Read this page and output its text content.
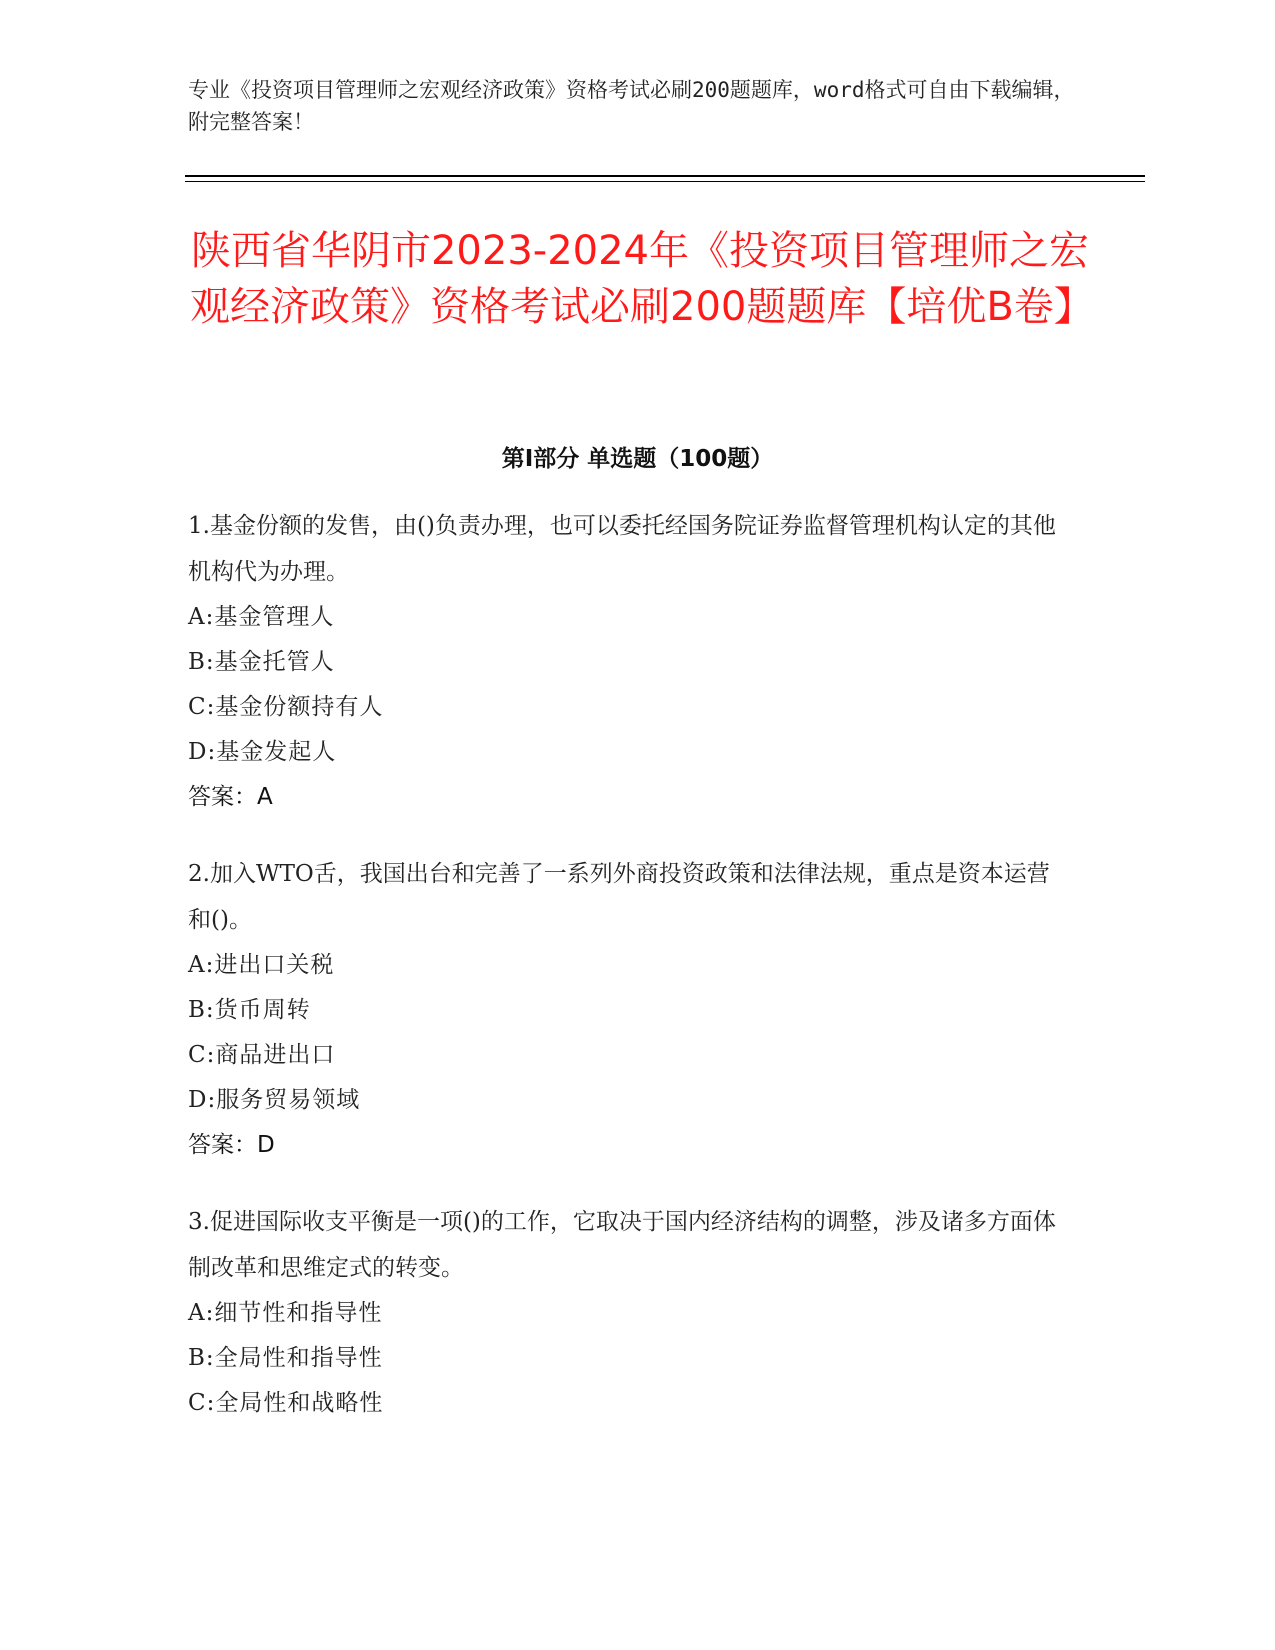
专业《投资项目管理师之宏观经济政策》资格考试必刷200题题库，word格式可自由下载编辑，附完整答案！
陕西省华阴市2023-2024年《投资项目管理师之宏观经济政策》资格考试必刷200题题库【培优B卷】
第Ⅰ部分 单选题（100题）
1.基金份额的发售，由()负责办理，也可以委托经国务院证券监督管理机构认定的其他机构代为办理。
A:基金管理人
B:基金托管人
C:基金份额持有人
D:基金发起人
答案：A
2.加入WTO舌，我国出台和完善了一系列外商投资政策和法律法规，重点是资本运营和()。
A:进出口关税
B:货币周转
C:商品进出口
D:服务贸易领域
答案：D
3.促进国际收支平衡是一项()的工作，它取决于国内经济结构的调整，涉及诸多方面体制改革和思维定式的转变。
A:细节性和指导性
B:全局性和指导性
C:全局性和战略性
